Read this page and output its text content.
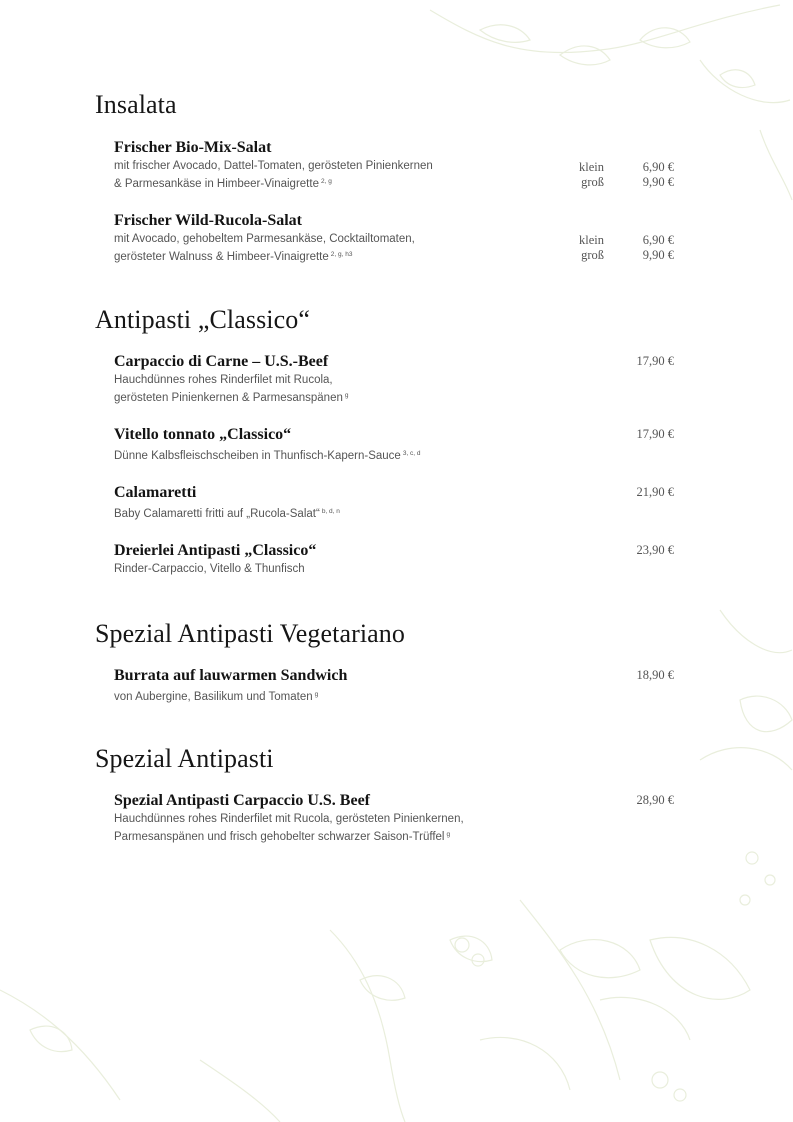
Insalata
Frischer Bio-Mix-Salat
mit frischer Avocado, Dattel-Tomaten, gerösteten Pinienkernen
& Parmesankäse in Himbeer-Vinaigrette $^{2, g}$
klein	6,90 €
groß	9,90 €
Frischer Wild-Rucola-Salat
mit Avocado, gehobeltem Parmesankäse, Cocktailtomaten,
gerösteter Walnuss & Himbeer-Vinaigrette $^{2, g, h3}$
klein	6,90 €
groß	9,90 €
Antipasti „Classico“
Carpaccio di Carne – U.S.-Beef
Hauchdünnes rohes Rinderfilet mit Rucola,
gerösteten Pinienkernen & Parmesanspänen $^g$
17,90 €
Vitello tonnato „Classico“
Dünne Kalbsfleischscheiben in Thunfisch-Kapern-Sauce $^{3, c, d}$
17,90 €
Calamaretti
Baby Calamaretti fritti auf „Rucola-Salat“ $^{b, d, n}$
21,90 €
Dreierlei Antipasti „Classico“
Rinder-Carpaccio, Vitello & Thunfisch
23,90 €
Spezial Antipasti Vegetariano
Burrata auf lauwarmen Sandwich
von Aubergine, Basilikum und Tomaten $^g$
18,90 €
Spezial Antipasti
Spezial Antipasti Carpaccio U.S. Beef
Hauchdünnes rohes Rinderfilet mit Rucola, gerösteten Pinienkernen,
Parmesanspänen und frisch gehobelter schwarzer Saison-Trüffel $^g$
28,90 €
